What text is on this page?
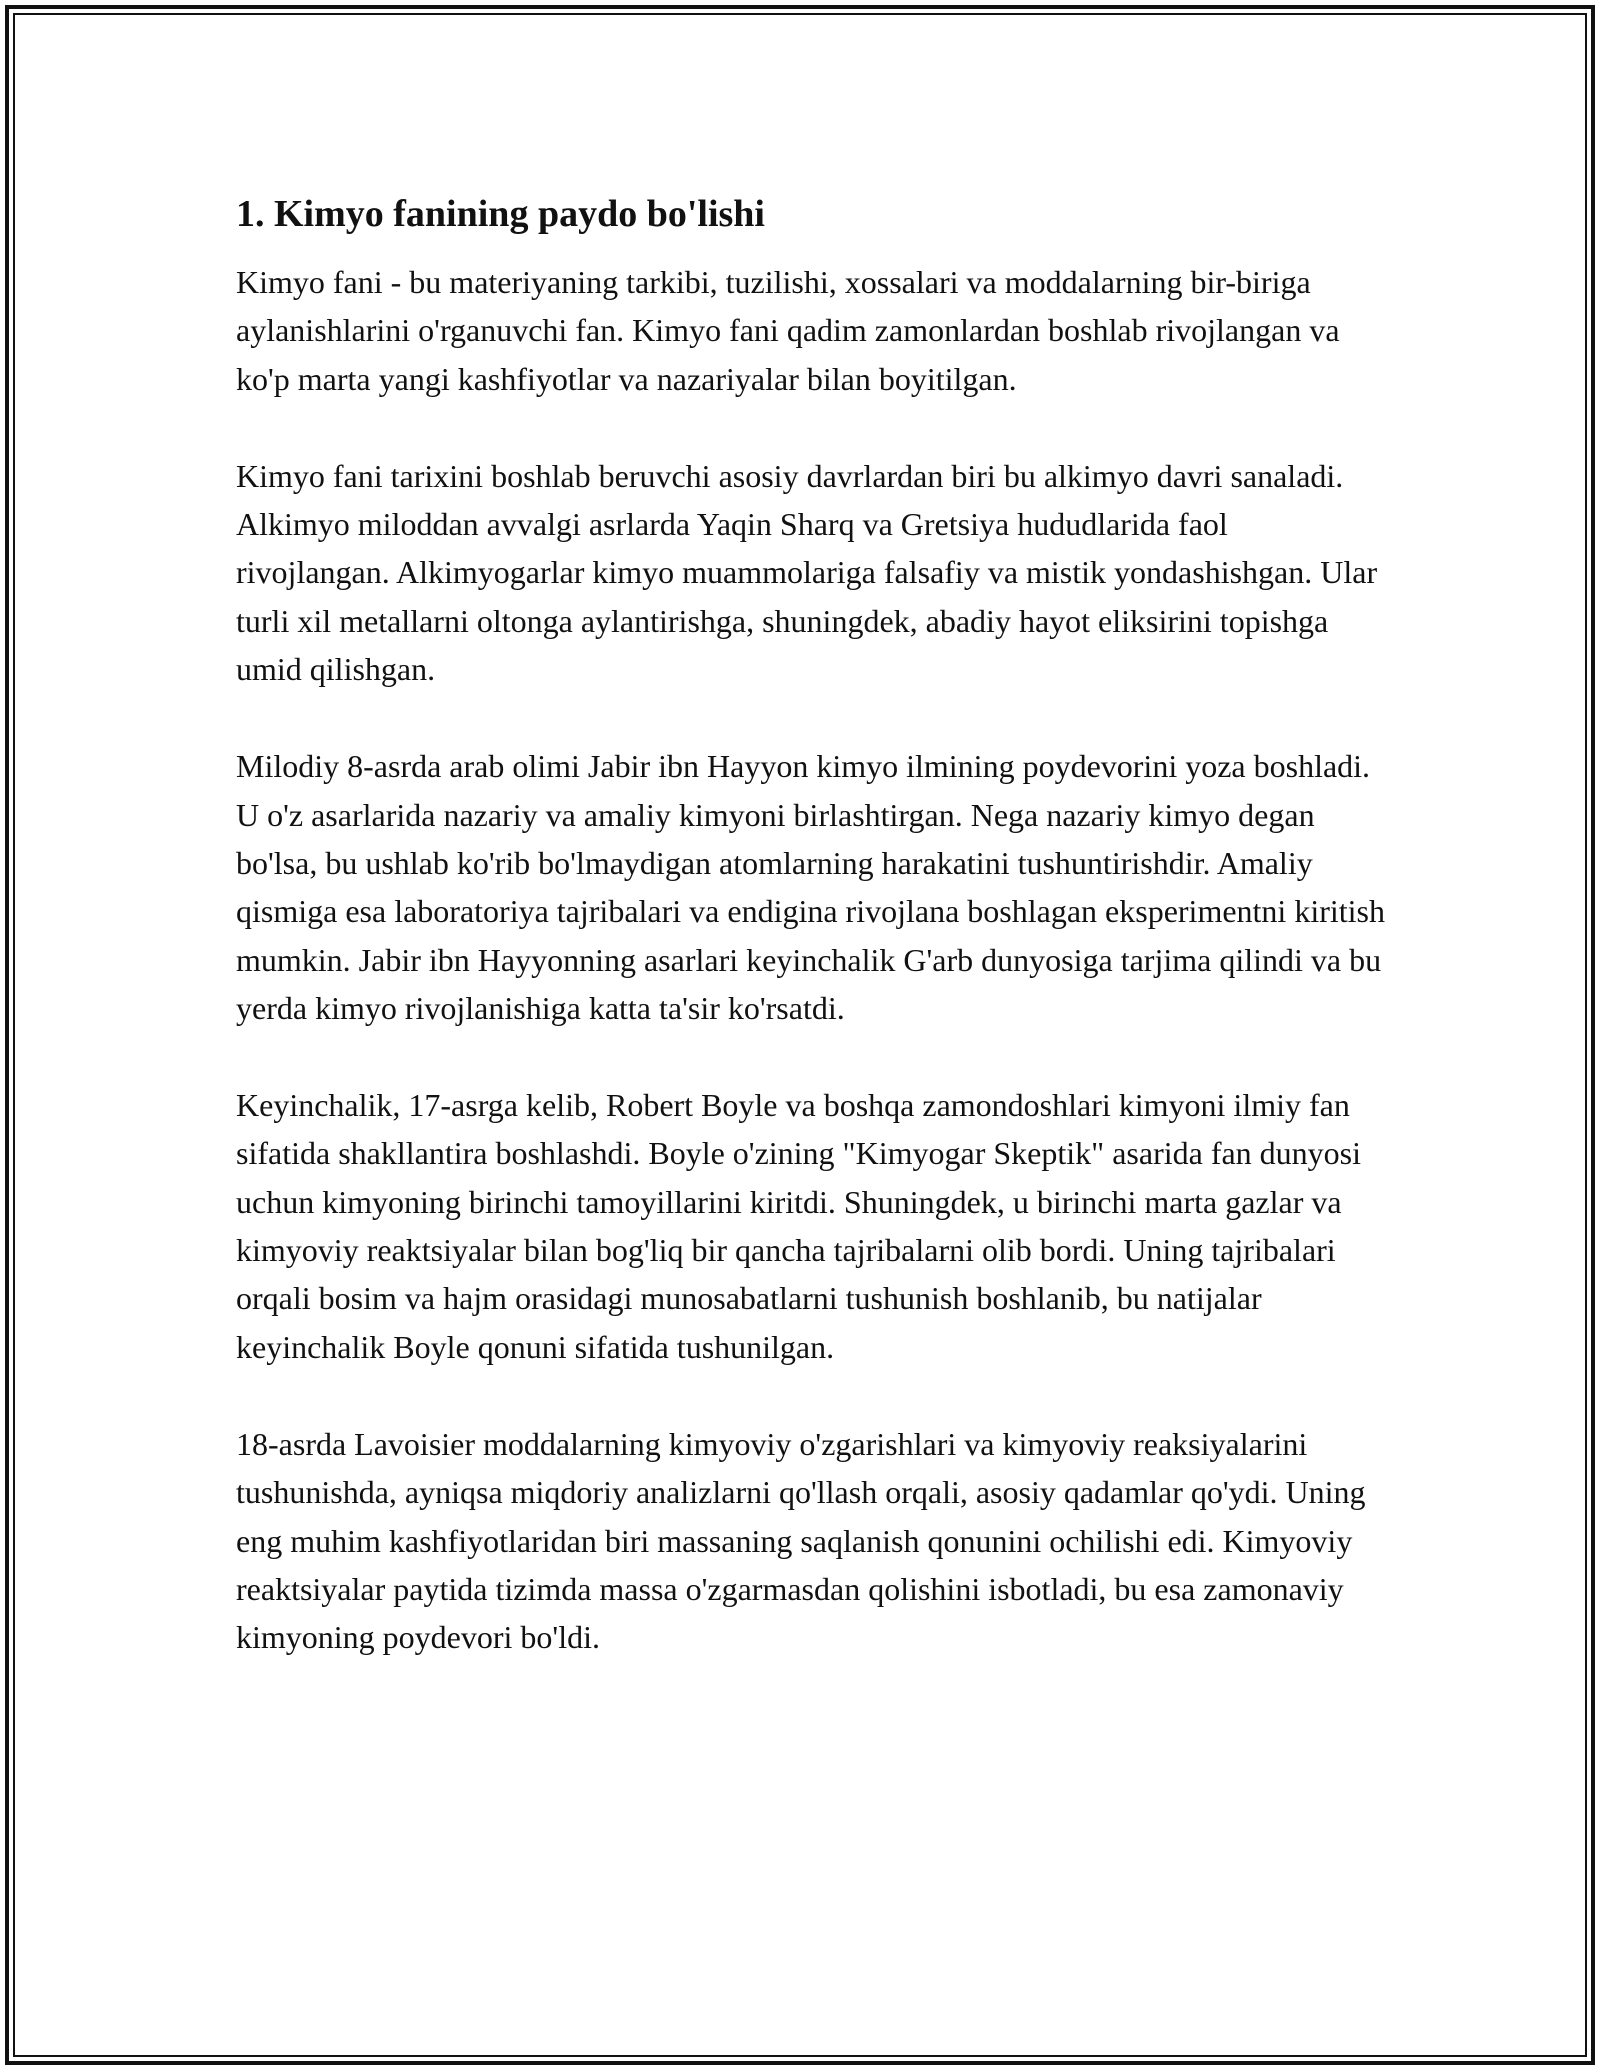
1. Kimyo fanining paydo bo'lishi

Kimyo fani - bu materiyaning tarkibi, tuzilishi, xossalari va moddalarning bir-biriga aylanishlarini o'rganuvchi fan. Kimyo fani qadim zamonlardan boshlab rivojlangan va ko'p marta yangi kashfiyotlar va nazariyalar bilan boyitilgan.

Kimyo fani tarixini boshlab beruvchi asosiy davrlardan biri bu alkimyo davri sanaladi. Alkimyo miloddan avvalgi asrlarda Yaqin Sharq va Gretsiya hududlarida faol rivojlangan. Alkimyogarlar kimyo muammolariga falsafiy va mistik yondashishgan. Ular turli xil metallarni oltonga aylantirishga, shuningdek, abadiy hayot eliksirini topishga umid qilishgan.

Milodiy 8-asrda arab olimi Jabir ibn Hayyon kimyo ilmining poydevorini yoza boshladi. U o'z asarlarida nazariy va amaliy kimyoni birlashtirgan. Nega nazariy kimyo degan bo'lsa, bu ushlab ko'rib bo'lmaydigan atomlarning harakatini tushuntirishdir. Amaliy qismiga esa laboratoriya tajribalari va endigina rivojlana boshlagan eksperimentni kiritish mumkin. Jabir ibn Hayyonning asarlari keyinchalik G'arb dunyosiga tarjima qilindi va bu yerda kimyo rivojlanishiga katta ta'sir ko'rsatdi.

Keyinchalik, 17-asrga kelib, Robert Boyle va boshqa zamondoshlari kimyoni ilmiy fan sifatida shakllantira boshlashdi. Boyle o'zining "Kimyogar Skeptik" asarida fan dunyosi uchun kimyoning birinchi tamoyillarini kiritdi. Shuningdek, u birinchi marta gazlar va kimyoviy reaktsiyalar bilan bog'liq bir qancha tajribalarni olib bordi. Uning tajribalari orqali bosim va hajm orasidagi munosabatlarni tushunish boshlanib, bu natijalar keyinchalik Boyle qonuni sifatida tushunilgan.

18-asrda Lavoisier moddalarning kimyoviy o'zgarishlari va kimyoviy reaksiyalarini tushunishda, ayniqsa miqdoriy analizlarni qo'llash orqali, asosiy qadamlar qo'ydi. Uning eng muhim kashfiyotlaridan biri massaning saqlanish qonunini ochilishi edi. Kimyoviy reaktsiyalar paytida tizimda massa o'zgarmasdan qolishini isbotladi, bu esa zamonaviy kimyoning poydevori bo'ldi.
